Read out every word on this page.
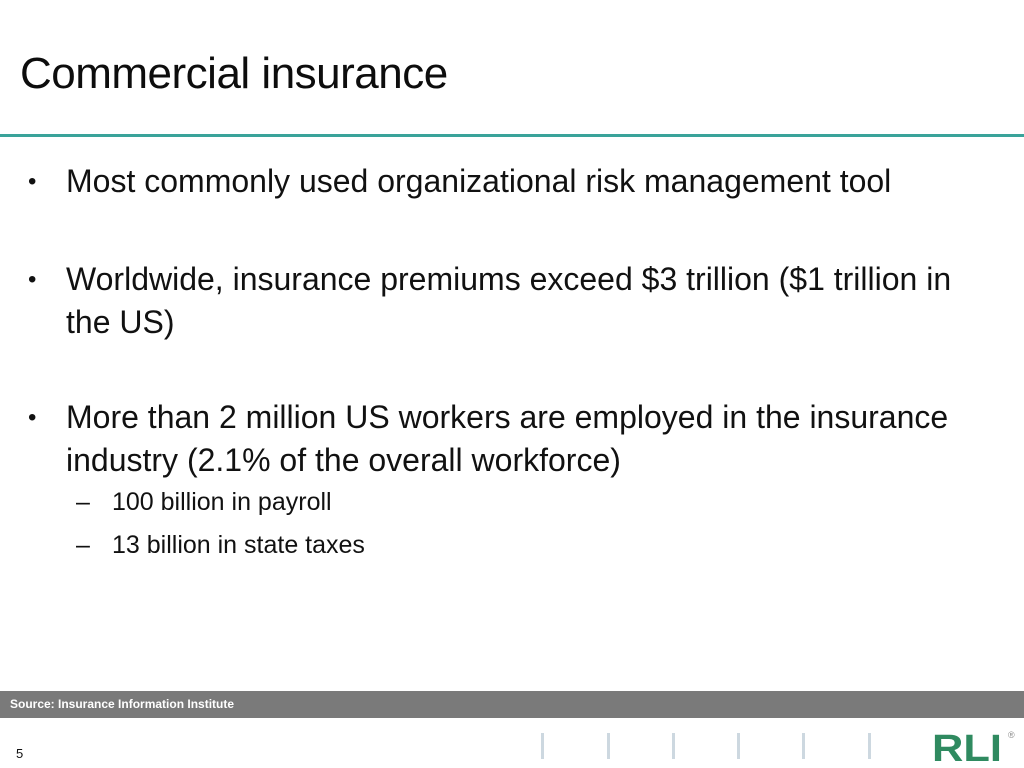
Commercial insurance
• Most commonly used organizational risk management tool
• Worldwide, insurance premiums exceed $3 trillion ($1 trillion in the US)
• More than 2 million US workers are employed in the insurance industry (2.1% of the overall workforce)
– 100 billion in payroll
– 13 billion in state taxes
Source: Insurance Information Institute
5	RLI ®
